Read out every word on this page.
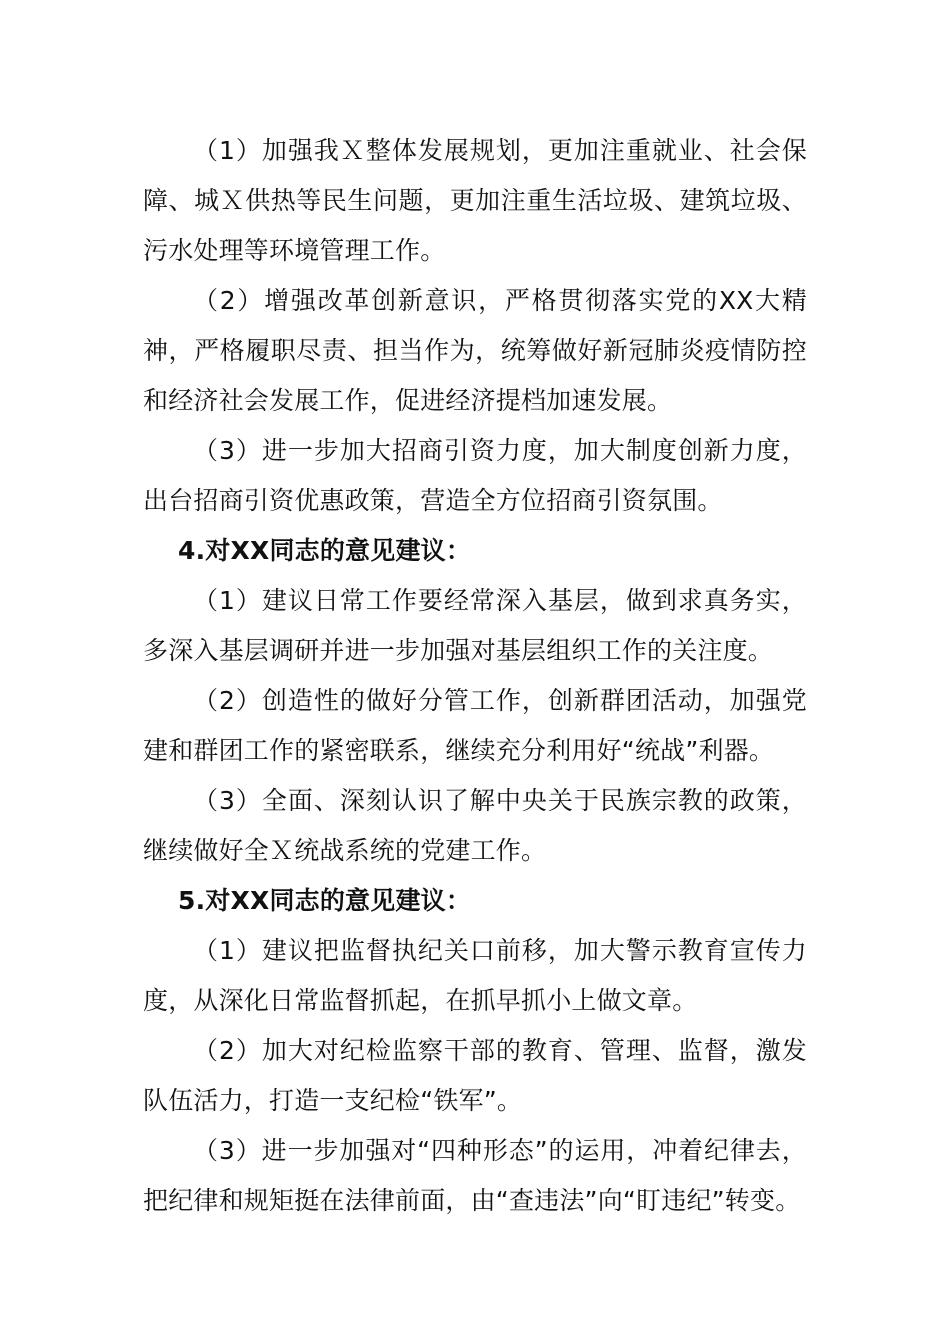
（1）加强我Ｘ整体发展规划，更加注重就业、社会保障、城Ｘ供热等民生问题，更加注重生活垃圾、建筑垃圾、污水处理等环境管理工作。

（2）增强改革创新意识，严格贯彻落实党的XX大精神，严格履职尽责、担当作为，统筹做好新冠肺炎疫情防控和经济社会发展工作，促进经济提档加速发展。

（3）进一步加大招商引资力度，加大制度创新力度，出台招商引资优惠政策，营造全方位招商引资氛围。

4.对XX同志的意见建议：

（1）建议日常工作要经常深入基层，做到求真务实，多深入基层调研并进一步加强对基层组织工作的关注度。

（2）创造性的做好分管工作，创新群团活动，加强党建和群团工作的紧密联系，继续充分利用好“统战”利器。

（3）全面、深刻认识了解中央关于民族宗教的政策，继续做好全Ｘ统战系统的党建工作。

5.对XX同志的意见建议：

（1）建议把监督执纪关口前移，加大警示教育宣传力度，从深化日常监督抓起，在抓早抓小上做文章。

（2）加大对纪检监察干部的教育、管理、监督，激发队伍活力，打造一支纪检“铁军”。

（3）进一步加强对“四种形态”的运用，冲着纪律去，把纪律和规矩挺在法律前面，由“查违法”向“盯违纪”转变。
